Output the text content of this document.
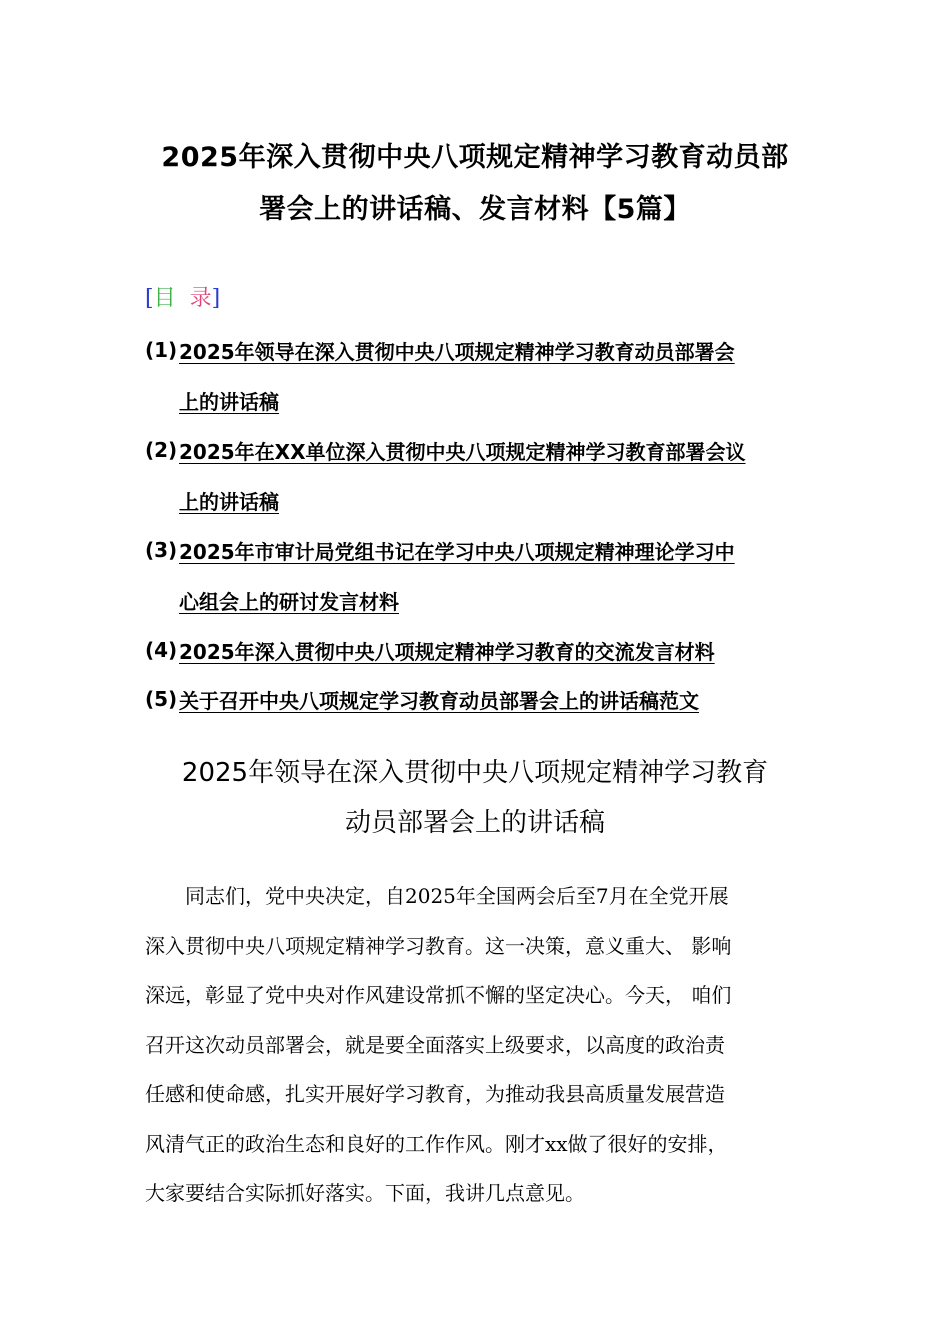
2025年深入贯彻中央八项规定精神学习教育动员部
署会上的讲话稿、发言材料【5篇】
[目 录]
(1) 2025年领导在深入贯彻中央八项规定精神学习教育动员部署会
上的讲话稿
(2) 2025年在XX单位深入贯彻中央八项规定精神学习教育部署会议
上的讲话稿
(3) 2025年市审计局党组书记在学习中央八项规定精神理论学习中
心组会上的研讨发言材料
(4) 2025年深入贯彻中央八项规定精神学习教育的交流发言材料
(5) 关于召开中央八项规定学习教育动员部署会上的讲话稿范文
2025年领导在深入贯彻中央八项规定精神学习教育
动员部署会上的讲话稿
同志们，党中央决定，自2025年全国两会后至7月在全党开展
深入贯彻中央八项规定精神学习教育。这一决策，意义重大、 影响
深远，彰显了党中央对作风建设常抓不懈的坚定决心。今天， 咱们
召开这次动员部署会，就是要全面落实上级要求，以高度的政治责
任感和使命感，扎实开展好学习教育，为推动我县高质量发展营造
风清气正的政治生态和良好的工作作风。刚才xx做了很好的安排，
大家要结合实际抓好落实。下面，我讲几点意见。
